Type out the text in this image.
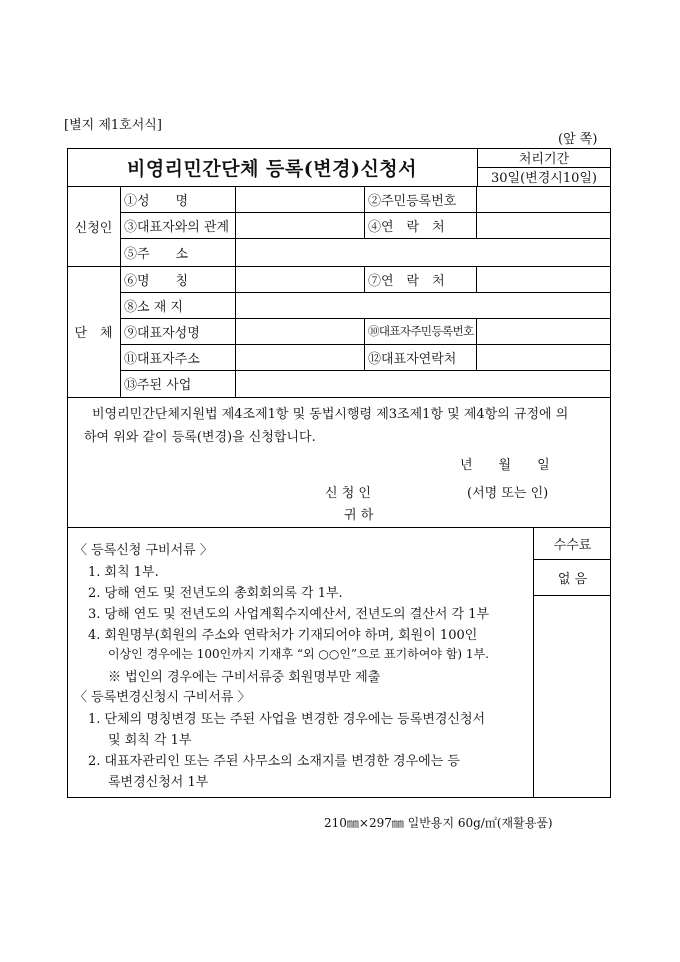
[별지 제1호서식]
(앞 쪽)
비영리민간단체 등록(변경)신청서	처리기간
30일(변경시10일)
신청인
①성　　명	②주민등록번호
③대표자와의 관계	④연　락　처
⑤주　　소
단　체
⑥명　　칭	⑦연　락　처
⑧소 재 지
⑨대표자성명	⑩대표자주민등록번호
⑪대표자주소	⑫대표자연락처
⑬주된 사업
비영리민간단체지원법 제4조제1항 및 동법시행령 제3조제1항 및 제4항의 규정에 의
하여 위와 같이 등록(변경)을 신청합니다.
년　　월　　일
신 청 인	(서명 또는 인)
귀 하
수수료
없 음
〈 등록신청 구비서류 〉
1. 회칙 1부.
2. 당해 연도 및 전년도의 총회회의록 각 1부.
3. 당해 연도 및 전년도의 사업계획수지예산서, 전년도의 결산서 각 1부
4. 회원명부(회원의 주소와 연락처가 기재되어야 하며, 회원이 100인
이상인 경우에는 100인까지 기재후 “외 ○○인”으로 표기하여야 함) 1부.
※ 법인의 경우에는 구비서류중 회원명부만 제출
〈 등록변경신청시 구비서류 〉
1. 단체의 명칭변경 또는 주된 사업을 변경한 경우에는 등록변경신청서
및 회칙 각 1부
2. 대표자관리인 또는 주된 사무소의 소재지를 변경한 경우에는 등
록변경신청서 1부
210㎜×297㎜ 일반용지 60g/㎡(재활용품)
